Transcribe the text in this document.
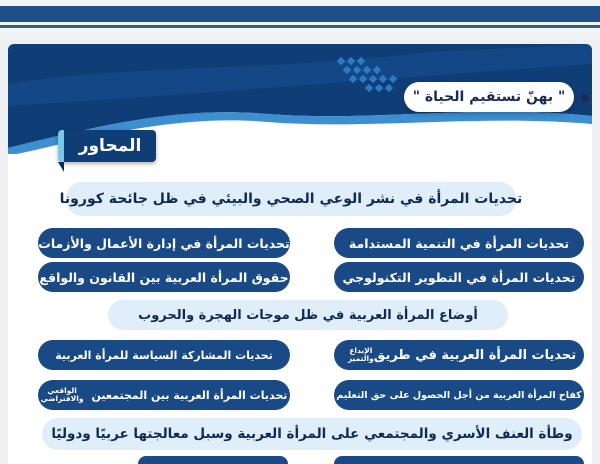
" بهنّ تستقيم الحياة "
المحاور
تحديات المرأة في نشر الوعي الصحي والبيئي في ظل جائحة كورونا
تحديات المرأة في إدارة الأعمال والأزمات	تحديات المرأة في التنمية المستدامة
حقوق المرأة العربية بين القانون والواقع	تحديات المرأة في التطوير التكنولوجي
أوضاع المرأة العربية في ظل موجات الهجرة والحروب
تحديات المشاركة السياسة للمرأة العربية	تحديات المرأة العربية في طريق
الإبداع
والتميز
تحديات المرأة العربية بين المجتمعين
الواقعي
والافتراضي	كفاح المرأة العربية من أجل الحصول على حق التعليم
وطأة العنف الأسري والمجتمعي على المرأة العربية وسبل معالجتها عربيًا ودوليًا
